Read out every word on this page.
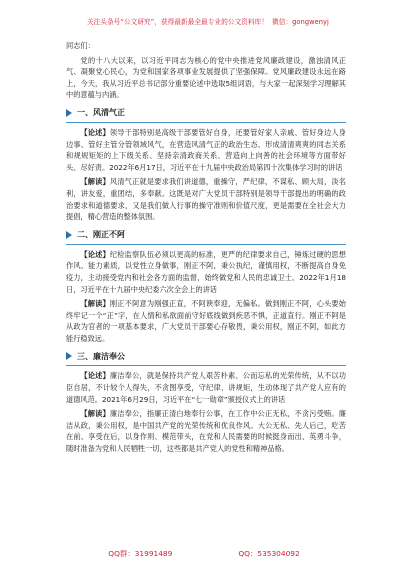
关注头条号“公文研究”，获得最新最全最专业的公文资料库！ 微信：gongwenyj

同志们：

党的十八大以来，以习近平同志为核心的党中央推进党风廉政建设，激浊清风正气、凝聚党心民心，为党和国家各项事业发展提供了坚强保障。党风廉政建设永远在路上，今天，我从习近平总书记部分重要论述中选取5组词语，与大家一起深刻学习理解其中的意蕴与内涵。

一、风清气正

【论述】领导干部特别是高级干部要管好自身，还要管好家人亲戚、管好身边人身边事、管好主管分管领域风气，在营造风清气正的政治生态、形成清清爽爽的同志关系和规规矩矩的上下级关系、坚持亲清政商关系、营造向上向善的社会环境等方面带好头、尽好责。2022年6月17日，习近平在十九届中央政治局第四十次集体学习时的讲话

【解读】风清气正就是要求我们讲道德，重操守，严纪律，不谋私、顾大局，淡名利，讲友爱，重团结，多奉献。这既是对广大党员干部特别是领导干部提出的明确的政治要求和道德要求，又是我们做人行事的操守准则和价值尺度，更是需要在全社会大力提倡，精心营造的整体氛围。

二、刚正不阿

【论述】纪检监察队伍必须以更高的标准，更严的纪律要求自己，锤炼过硬的思想作风、能力素质，以党性立身做事，刚正不阿，秉公执纪，谨慎用权，不断提高自身免疫力，主动接受党内和社会各方面的监督，始终做党和人民的忠诚卫士。2022年1月18日，习近平在十九届中央纪委六次全会上的讲话

【解读】刚正不阿意为刚强正直，不阿谀奉迎，无偏私。做到刚正不阿，心头要始终牢记一个“正”字，在人情和私欲面前守好底线做到疾恶不惧，正道直行。刚正不阿是从政为官者的一项基本要求，广大党员干部要心存敬畏，秉公用权，刚正不阿，如此方能行稳致远。

三、廉洁奉公

【论述】廉洁奉公，就是保持共产党人艰苦朴素、公而忘私的光荣传统，从不以功臣自居，不计较个人得失，不贪图享受，守纪律、讲规矩，生动体现了共产党人应有的道德风范。2021年6月29日，习近平在“七一勋章”颁授仪式上的讲话

【解读】廉洁奉公，指廉正清白地奉行公事，在工作中公正无私，不贪污受贿。廉洁从政，秉公用权，是中国共产党的光荣传统和优良作风。大公无私、先人后己，吃苦在前、享受在后，以身作则、模范带头，在党和人民需要的时候挺身而出、英勇斗争，随时准备为党和人民牺牲一切，这些都是共产党人的党性和精神品格。

QQ群：31991489	QQ：535304092
